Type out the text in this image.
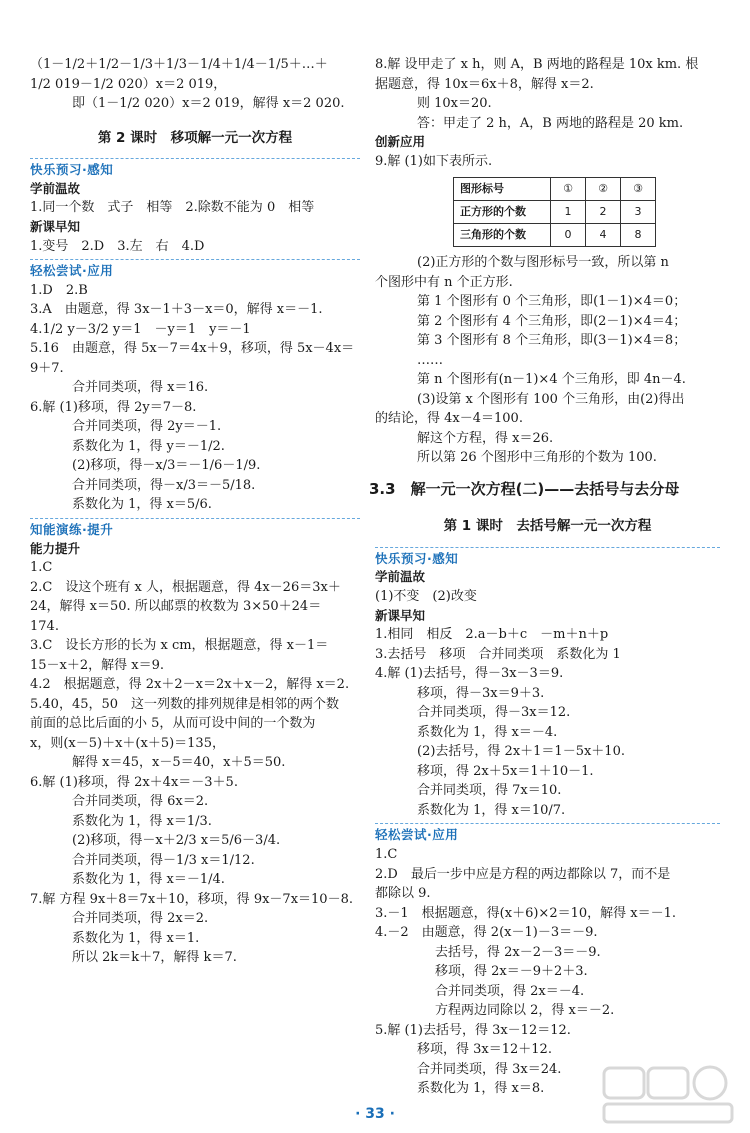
（1－1/2＋1/2－1/3＋1/3－1/4＋1/4－1/5＋…＋
1/2 019－1/2 020）x＝2 019，
即（1－1/2 020）x＝2 019，解得 x＝2 020.
第 2 课时　移项解一元一次方程
快乐预习·感知
学前温故
1.同一个数　式子　相等　2.除数不能为 0　相等
新课早知
1.变号　2.D　3.左　右　4.D
轻松尝试·应用
1.D　2.B
3.A　由题意，得 3x－1＋3－x＝0，解得 x＝－1.
4.1/2 y－3/2 y＝1　－y＝1　y＝－1
5.16　由题意，得 5x－7＝4x＋9，移项，得 5x－4x＝
9＋7.
合并同类项，得 x＝16.
6.解 (1)移项，得 2y＝7－8.
合并同类项，得 2y＝－1.
系数化为 1，得 y＝－1/2.
(2)移项，得－x/3＝－1/6－1/9.
合并同类项，得－x/3＝－5/18.
系数化为 1，得 x＝5/6.
知能演练·提升
能力提升
1.C
2.C　设这个班有 x 人，根据题意，得 4x－26＝3x＋
24，解得 x＝50. 所以邮票的枚数为 3×50＋24＝
174.
3.C　设长方形的长为 x cm，根据题意，得 x－1＝
15－x＋2，解得 x＝9.
4.2　根据题意，得 2x＋2－x＝2x＋x－2，解得 x＝2.
5.40，45，50　这一列数的排列规律是相邻的两个数
前面的总比后面的小 5，从而可设中间的一个数为
x，则(x－5)＋x＋(x＋5)＝135，
解得 x＝45，x－5＝40，x＋5＝50.
6.解 (1)移项，得 2x＋4x＝－3＋5.
合并同类项，得 6x＝2.
系数化为 1，得 x＝1/3.
(2)移项，得－x＋2/3 x＝5/6－3/4.
合并同类项，得－1/3 x＝1/12.
系数化为 1，得 x＝－1/4.
7.解 方程 9x＋8＝7x＋10，移项，得 9x－7x＝10－8.
合并同类项，得 2x＝2.
系数化为 1，得 x＝1.
所以 2k＝k＋7，解得 k＝7.
8.解 设甲走了 x h，则 A，B 两地的路程是 10x km. 根
据题意，得 10x＝6x＋8，解得 x＝2.
则 10x＝20.
答：甲走了 2 h，A，B 两地的路程是 20 km.
创新应用
9.解 (1)如下表所示.
图形标号	①	②	③
正方形的个数	1	2	3
三角形的个数	0	4	8
(2)正方形的个数与图形标号一致，所以第 n
个图形中有 n 个正方形.
第 1 个图形有 0 个三角形，即(1－1)×4＝0；
第 2 个图形有 4 个三角形，即(2－1)×4＝4；
第 3 个图形有 8 个三角形，即(3－1)×4＝8；
……
第 n 个图形有(n－1)×4 个三角形，即 4n－4.
(3)设第 x 个图形有 100 个三角形，由(2)得出
的结论，得 4x－4＝100.
解这个方程，得 x＝26.
所以第 26 个图形中三角形的个数为 100.
3.3　解一元一次方程(二)——去括号与去分母
第 1 课时　去括号解一元一次方程
快乐预习·感知
学前温故
(1)不变　(2)改变
新课早知
1.相同　相反　2.a－b＋c　－m＋n＋p
3.去括号　移项　合并同类项　系数化为 1
4.解 (1)去括号，得－3x－3＝9.
移项，得－3x＝9＋3.
合并同类项，得－3x＝12.
系数化为 1，得 x＝－4.
(2)去括号，得 2x＋1＝1－5x＋10.
移项，得 2x＋5x＝1＋10－1.
合并同类项，得 7x＝10.
系数化为 1，得 x＝10/7.
轻松尝试·应用
1.C
2.D　最后一步中应是方程的两边都除以 7，而不是
都除以 9.
3.－1　根据题意，得(x＋6)×2＝10，解得 x＝－1.
4.－2　由题意，得 2(x－1)－3＝－9.
去括号，得 2x－2－3＝－9.
移项，得 2x＝－9＋2＋3.
合并同类项，得 2x＝－4.
方程两边同除以 2，得 x＝－2.
5.解 (1)去括号，得 3x－12＝12.
移项，得 3x＝12＋12.
合并同类项，得 3x＝24.
系数化为 1，得 x＝8.
· 33 ·
